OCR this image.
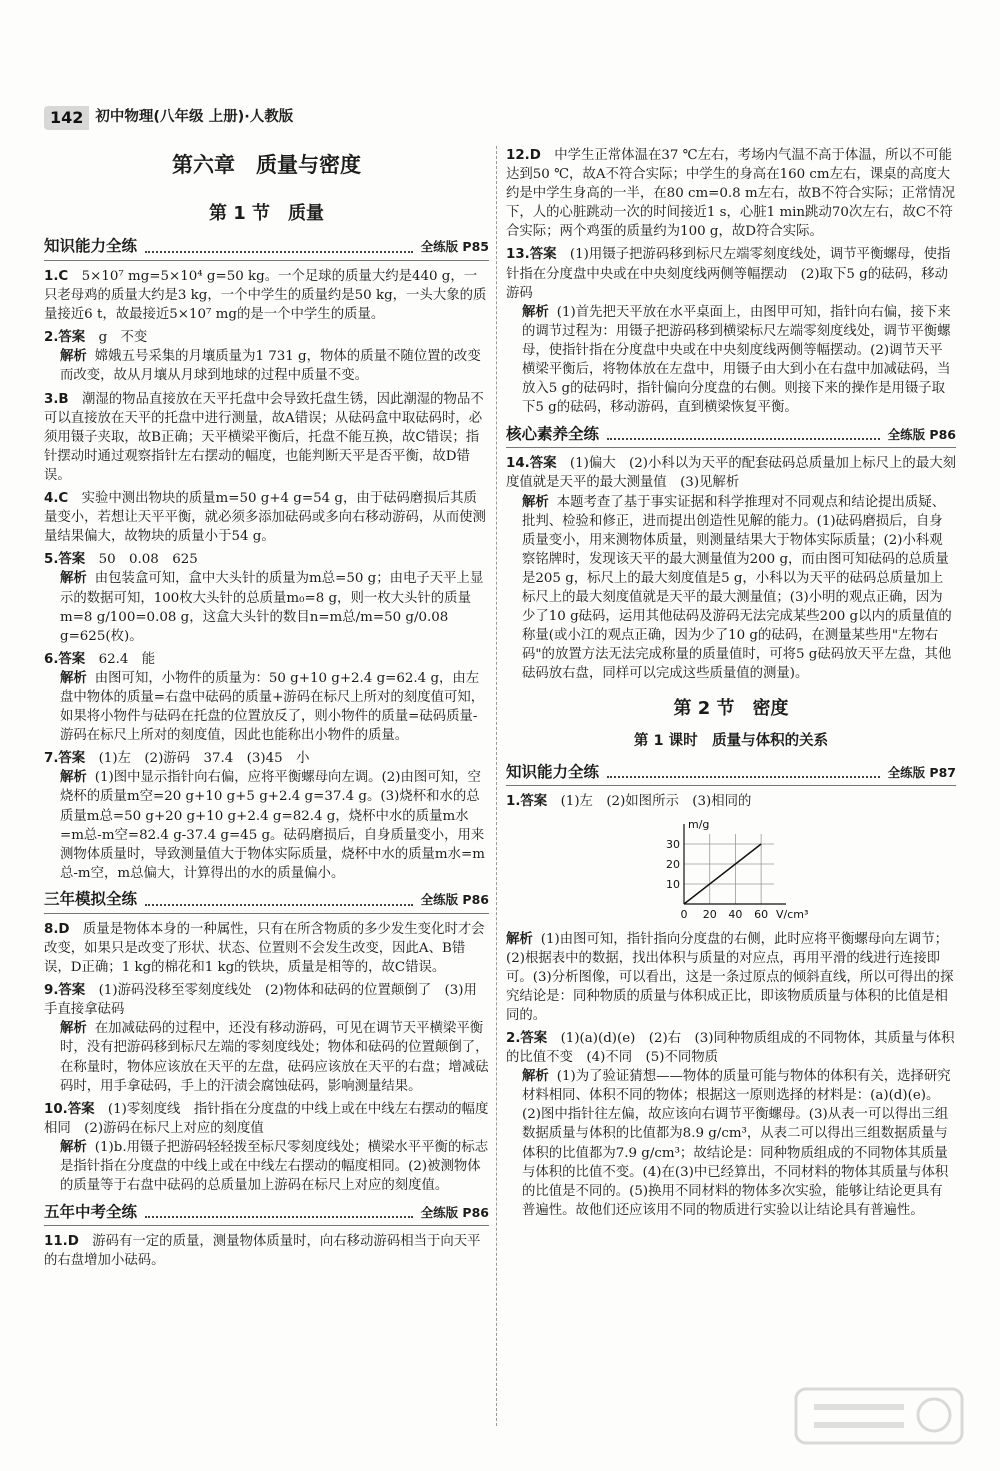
142 初中物理(八年级 上册)·人教版
第六章　质量与密度
第 1 节　质量
知识能力全练	全练版 P85
1.C　 5×10⁷ mg=5×10⁴ g=50 kg。一个足球的质量大约是440 g，一只老母鸡的质量大约是3 kg，一个中学生的质量约是50 kg，一头大象的质量接近6 t，故最接近5×10⁷ mg的是一个中学生的质量。
2.答案　 g　不变
解析 嫦娥五号采集的月壤质量为1 731 g，物体的质量不随位置的改变而改变，故从月壤从月球到地球的过程中质量不变。
3.B　 潮湿的物品直接放在天平托盘中会导致托盘生锈，因此潮湿的物品不可以直接放在天平的托盘中进行测量，故A错误；从砝码盒中取砝码时，必须用镊子夹取，故B正确；天平横梁平衡后，托盘不能互换，故C错误；指针摆动时通过观察指针左右摆动的幅度，也能判断天平是否平衡，故D错误。
4.C　 实验中测出物块的质量m=50 g+4 g=54 g，由于砝码磨损后其质量变小，若想让天平平衡，就必须多添加砝码或多向右移动游码，从而使测量结果偏大，故物块的质量小于54 g。
5.答案　 50　0.08　625
解析 由包装盒可知，盒中大头针的质量为m总=50 g；由电子天平上显示的数据可知，100枚大头针的总质量m₀=8 g，则一枚大头针的质量m=8 g/100=0.08 g，这盒大头针的数目n=m总/m=50 g/0.08 g=625(枚)。
6.答案　 62.4　能
解析 由图可知，小物件的质量为：50 g+10 g+2.4 g=62.4 g，由左盘中物体的质量=右盘中砝码的质量+游码在标尺上所对的刻度值可知，如果将小物件与砝码在托盘的位置放反了，则小物件的质量=砝码质量-游码在标尺上所对的刻度值，因此也能称出小物件的质量。
7.答案　 (1)左　(2)游码　37.4　(3)45　小
解析 (1)图中显示指针向右偏，应将平衡螺母向左调。(2)由图可知，空烧杯的质量m空=20 g+10 g+5 g+2.4 g=37.4 g。(3)烧杯和水的总质量m总=50 g+20 g+10 g+2.4 g=82.4 g，烧杯中水的质量m水=m总-m空=82.4 g-37.4 g=45 g。砝码磨损后，自身质量变小，用来测物体质量时，导致测量值大于物体实际质量，烧杯中水的质量m水=m总-m空，m总偏大，计算得出的水的质量偏小。
三年模拟全练	全练版 P86
8.D　 质量是物体本身的一种属性，只有在所含物质的多少发生变化时才会改变，如果只是改变了形状、状态、位置则不会发生改变，因此A、B错误，D正确；1 kg的棉花和1 kg的铁块，质量是相等的，故C错误。
9.答案　 (1)游码没移至零刻度线处　(2)物体和砝码的位置颠倒了　(3)用手直接拿砝码
解析 在加减砝码的过程中，还没有移动游码，可见在调节天平横梁平衡时，没有把游码移到标尺左端的零刻度线处；物体和砝码的位置颠倒了，在称量时，物体应该放在天平的左盘，砝码应该放在天平的右盘；增减砝码时，用手拿砝码，手上的汗渍会腐蚀砝码，影响测量结果。
10.答案　 (1)零刻度线　指针指在分度盘的中线上或在中线左右摆动的幅度相同　(2)游码在标尺上对应的刻度值
解析 (1)b.用镊子把游码轻轻拨至标尺零刻度线处；横梁水平平衡的标志是指针指在分度盘的中线上或在中线左右摆动的幅度相同。(2)被测物体的质量等于右盘中砝码的总质量加上游码在标尺上对应的刻度值。
五年中考全练	全练版 P86
11.D　 游码有一定的质量，测量物体质量时，向右移动游码相当于向天平的右盘增加小砝码。
12.D　 中学生正常体温在37 ℃左右，考场内气温不高于体温，所以不可能达到50 ℃，故A不符合实际；中学生的身高在160 cm左右，课桌的高度大约是中学生身高的一半，在80 cm=0.8 m左右，故B不符合实际；正常情况下，人的心脏跳动一次的时间接近1 s，心脏1 min跳动70次左右，故C不符合实际；两个鸡蛋的质量约为100 g，故D符合实际。
13.答案　 (1)用镊子把游码移到标尺左端零刻度线处，调节平衡螺母，使指针指在分度盘中央或在中央刻度线两侧等幅摆动　(2)取下5 g的砝码，移动游码
解析 (1)首先把天平放在水平桌面上，由图甲可知，指针向右偏，接下来的调节过程为：用镊子把游码移到横梁标尺左端零刻度线处，调节平衡螺母，使指针指在分度盘中央或在中央刻度线两侧等幅摆动。(2)调节天平横梁平衡后，将物体放在左盘中，用镊子由大到小在右盘中加减砝码，当放入5 g的砝码时，指针偏向分度盘的右侧。则接下来的操作是用镊子取下5 g的砝码，移动游码，直到横梁恢复平衡。
核心素养全练	全练版 P86
14.答案　 (1)偏大　(2)小科以为天平的配套砝码总质量加上标尺上的最大刻度值就是天平的最大测量值　(3)见解析
解析 本题考查了基于事实证据和科学推理对不同观点和结论提出质疑、批判、检验和修正，进而提出创造性见解的能力。(1)砝码磨损后，自身质量变小，用来测物体质量，则测量结果大于物体实际质量；(2)小科观察铭牌时，发现该天平的最大测量值为200 g，而由图可知砝码的总质量是205 g，标尺上的最大刻度值是5 g，小科以为天平的砝码总质量加上标尺上的最大刻度值就是天平的最大测量值；(3)小明的观点正确，因为少了10 g砝码，运用其他砝码及游码无法完成某些200 g以内的质量值的称量(或小江的观点正确，因为少了10 g的砝码，在测量某些用"左物右码"的放置方法无法完成称量的质量值时，可将5 g砝码放天平左盘，其他砝码放右盘，同样可以完成这些质量值的测量)。
第 2 节　密度
第 1 课时　质量与体积的关系
知识能力全练	全练版 P87
1.答案　 (1)左　(2)如图所示　(3)相同的
10
20
30
0 20 40 60
m/g
V/cm³
解析 (1)由图可知，指针指向分度盘的右侧，此时应将平衡螺母向左调节；(2)根据表中的数据，找出体积与质量的对应点，再用平滑的线进行连接即可。(3)分析图像，可以看出，这是一条过原点的倾斜直线，所以可得出的探究结论是：同种物质的质量与体积成正比，即该物质质量与体积的比值是相同的。
2.答案　 (1)(a)(d)(e)　(2)右　(3)同种物质组成的不同物体，其质量与体积的比值不变　(4)不同　(5)不同物质
解析 (1)为了验证猜想——物体的质量可能与物体的体积有关，选择研究材料相同、体积不同的物体；根据这一原则选择的材料是：(a)(d)(e)。(2)图中指针往左偏，故应该向右调节平衡螺母。(3)从表一可以得出三组数据质量与体积的比值都为8.9 g/cm³，从表二可以得出三组数据质量与体积的比值都为7.9 g/cm³；故结论是：同种物质组成的不同物体其质量与体积的比值不变。(4)在(3)中已经算出，不同材料的物体其质量与体积的比值是不同的。(5)换用不同材料的物体多次实验，能够让结论更具有普遍性。故他们还应该用不同的物质进行实验以让结论具有普遍性。
